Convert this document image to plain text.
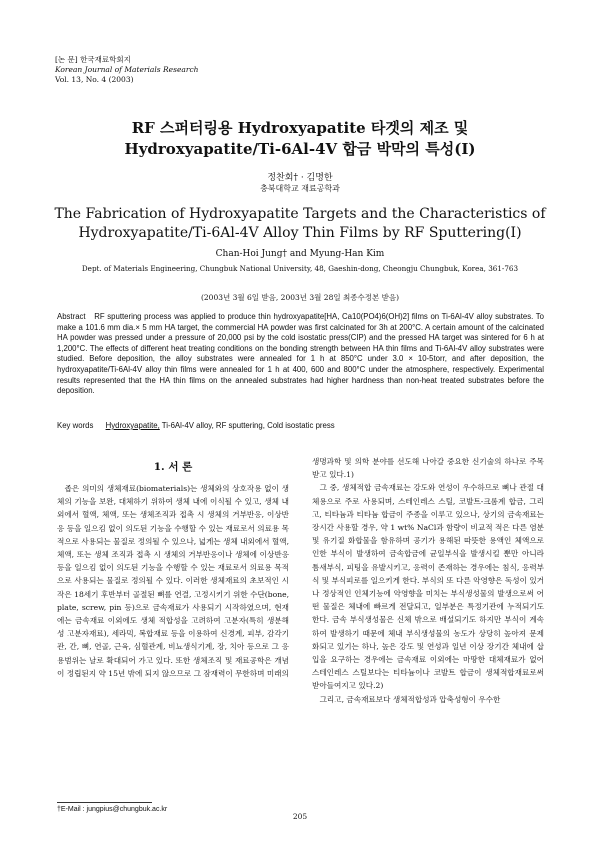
[논 문] 한국재료학회지
Korean Journal of Materials Research
Vol. 13, No. 4 (2003)
RF 스퍼터링용 Hydroxyapatite 타겟의 제조 및
Hydroxyapatite/Ti-6Al-4V 합금 박막의 특성(I)
정찬회† · 김명한
충북대학교 재료공학과
The Fabrication of Hydroxyapatite Targets and the Characteristics of
Hydroxyapatite/Ti-6Al-4V Alloy Thin Films by RF Sputtering(I)
Chan-Hoi Jung† and Myung-Han Kim
Dept. of Materials Engineering, Chungbuk National University, 48, Gaeshin-dong, Cheongju Chungbuk, Korea, 361-763
(2003년 3월 6일 받음, 2003년 3월 28일 최종수정본 받음)
Abstract RF sputtering process was applied to produce thin hydroxyapatite[HA, Ca10(PO4)6(OH)2] films on Ti-6Al-4V alloy substrates. To make a 101.6 mm dia.× 5 mm HA target, the commercial HA powder was first calcinated for 3h at 200°C. A certain amount of the calcinated HA powder was pressed under a pressure of 20,000 psi by the cold isostatic press(CIP) and the pressed HA target was sintered for 6 h at 1,200°C. The effects of different heat treating conditions on the bonding strength between HA thin films and Ti-6Al-4V alloy substrates were studied. Before deposition, the alloy substrates were annealed for 1 h at 850°C under 3.0 × 10-5torr, and after deposition, the hydroxyapatite/Ti-6Al-4V alloy thin films were annealed for 1 h at 400, 600 and 800°C under the atmosphere, respectively. Experimental results represented that the HA thin films on the annealed substrates had higher hardness than non-heat treated substrates before the deposition.
Key words Hydroxyapatite, Ti-6Al-4V alloy, RF sputtering, Cold isostatic press
1. 서 론

좁은 의미의 생체재료(biomaterials)는 생체와의 상호작용 없이 생체의 기능을 보완, 대체하기 위하여 생체 내에 이식될 수 있고, 생체 내외에서 혈액, 체액, 또는 생체조직과 접촉 시 생체의 거부반응, 이상반응 등을 일으킴 없이 의도된 기능을 수행할 수 있는 재료로서 의료용 목적으로 사용되는 물질로 정의될 수 있으나, 넓게는 생체 내외에서 혈액, 체액, 또는 생체 조직과 접촉 시 생체의 거부반응이나 생체에 이상반응 등을 일으킴 없이 의도된 기능을 수행할 수 있는 재료로서 의료용 목적으로 사용되는 물질로 정의될 수 있다. 이러한 생체재료의 초보적인 시작은 18세기 후반부터 골절된 뼈를 연결, 고정시키기 위한 수단(bone, plate, screw, pin 등)으로 금속재료가 사용되기 시작하였으며, 현재에는 금속재료 이외에도 생체 적합성을 고려하여 고분자(특히 생분해성 고분자재료), 세라믹, 복합재료 등을 이용하여 신경계, 피부, 감각기관, 간, 뼈, 연골, 근육, 심혈관계, 비뇨생식기계, 장, 치아 등으로 그 응용범위는 날로 확대되어 가고 있다. 또한 생체조직 및 재료공학은 개념이 정립된지 약 15년 밖에 되지 않으므로 그 잠재력이 무한하며 미래의

생명과학 및 의학 분야를 선도해 나아갈 중요한 신기술의 하나로 주목받고 있다.1)

그 중, 생체적합 금속재료는 강도와 연성이 우수하므로 뼈나 관절 대체용으로 주로 사용되며, 스테인레스 스틸, 코발트-크롬계 합금, 그리고, 티타늄과 티타늄 합금이 주종을 이루고 있으나, 상기의 금속재료는 장시간 사용할 경우, 약 1 wt% NaCl과 함량이 비교적 적은 다른 염분 및 유기질 화합물을 함유하며 공기가 용해된 따뜻한 용액인 체액으로 인한 부식이 발생하여 금속합금에 균일부식을 발생시킬 뿐만 아니라 틈새부식, 피팅을 유발시키고, 응력이 존재하는 경우에는 침식, 응력부식 및 부식피로를 일으키게 한다. 부식의 또 다른 악영향은 독성이 있거나 정상적인 인체기능에 악영향을 미치는 부식생성물의 발생으로써 어떤 물질은 체내에 빠르게 전달되고, 일부분은 특정기관에 누적되기도 한다. 금속 부식생성물은 신체 밖으로 배설되기도 하지만 부식이 계속하여 발생하기 때문에 체내 부식생성물의 농도가 상당히 높아져 문제화되고 있기는 하나, 높은 강도 및 연성과 일년 이상 장기간 체내에 삽입을 요구하는 경우에는 금속재료 이외에는 마땅한 대체재료가 없어 스테인레스 스틸보다는 티타늄이나 코발트 합금이 생체적합재료로써 받아들여지고 있다.2)

그리고, 금속재료보다 생체적합성과 압축성형이 우수한

†E-Mail : jungpius@chungbuk.ac.kr
205
